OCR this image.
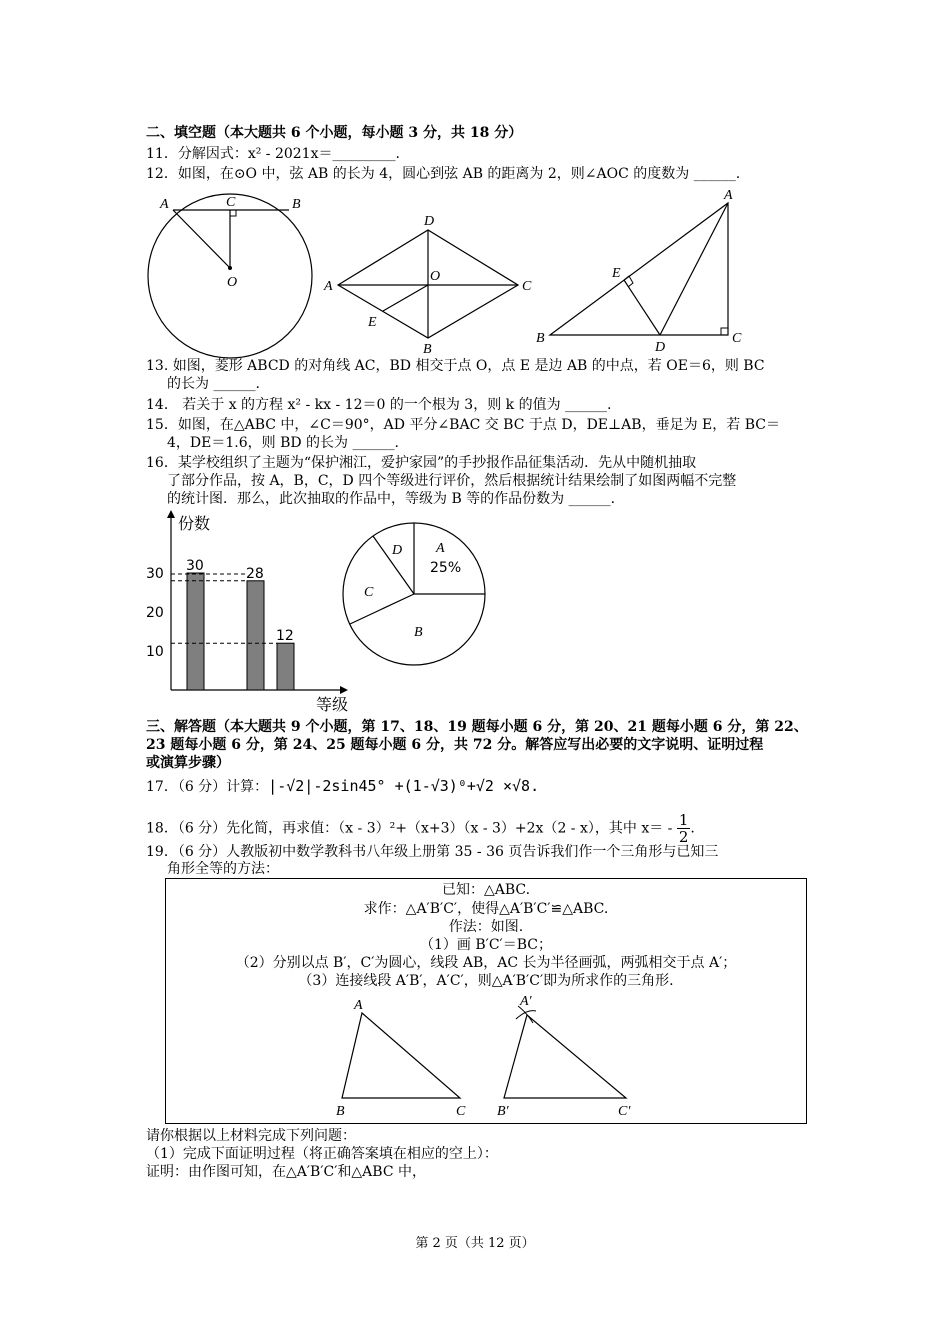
二、填空题（本大题共 6 个小题，每小题 3 分，共 18 分）
11．分解因式：x² - 2021x＝_________.
12．如图，在⊙O 中，弦 AB 的长为 4，圆心到弦 AB 的距离为 2，则∠AOC 的度数为 ______.
A	C	B
O	A
D
C
B
O
E
A
E
B
D
C
13. 如图，菱形 ABCD 的对角线 AC，BD 相交于点 O，点 E 是边 AB 的中点，若 OE＝6，则 BC
的长为 ______.
14． 若关于 x 的方程 x² - kx - 12＝0 的一个根为 3，则 k 的值为 ______.
15．如图，在△ABC 中，∠C＝90°，AD 平分∠BAC 交 BC 于点 D，DE⊥AB，垂足为 E，若 BC＝
4，DE＝1.6，则 BD 的长为 ______.
16．某学校组织了主题为“保护湘江，爱护家园”的手抄报作品征集活动．先从中随机抽取
了部分作品，按 A，B，C，D 四个等级进行评价，然后根据统计结果绘制了如图两幅不完整
的统计图．那么，此次抽取的作品中，等级为 B 等的作品份数为 ______.
份数
等级
10
20
30 30	28
12
A
25%
B
C
D
三、解答题（本大题共 9 个小题，第 17、18、19 题每小题 6 分，第 20、21 题每小题 6 分，第 22、
23 题每小题 6 分，第 24、25 题每小题 6 分，共 72 分。解答应写出必要的文字说明、证明过程
或演算步骤）
17．（6 分）计算：|-√2|-2sin45° +(1-√3)⁰+√2 ×√8.
18．（6 分）先化简，再求值：（x - 3）²+（x+3）（x - 3）+2x（2 - x），其中 $x= - \frac{1}{2}$ .
19．（6 分）人教版初中数学教科书八年级上册第 35 - 36 页告诉我们作一个三角形与已知三
角形全等的方法：
已知：△ABC.
求作：△A′B′C′，使得△A′B′C′≌△ABC.
作法：如图.
（1）画 B′C′＝BC；
（2）分别以点 B′，C′为圆心，线段 AB，AC 长为半径画弧，两弧相交于点 A′；
（3）连接线段 A′B′，A′C′，则△A′B′C′即为所求作的三角形.
A
B	C
A′
B′	C′
请你根据以上材料完成下列问题：
（1）完成下面证明过程（将正确答案填在相应的空上）：
证明：由作图可知，在△A′B′C′和△ABC 中，
第 2 页（共 12 页）
